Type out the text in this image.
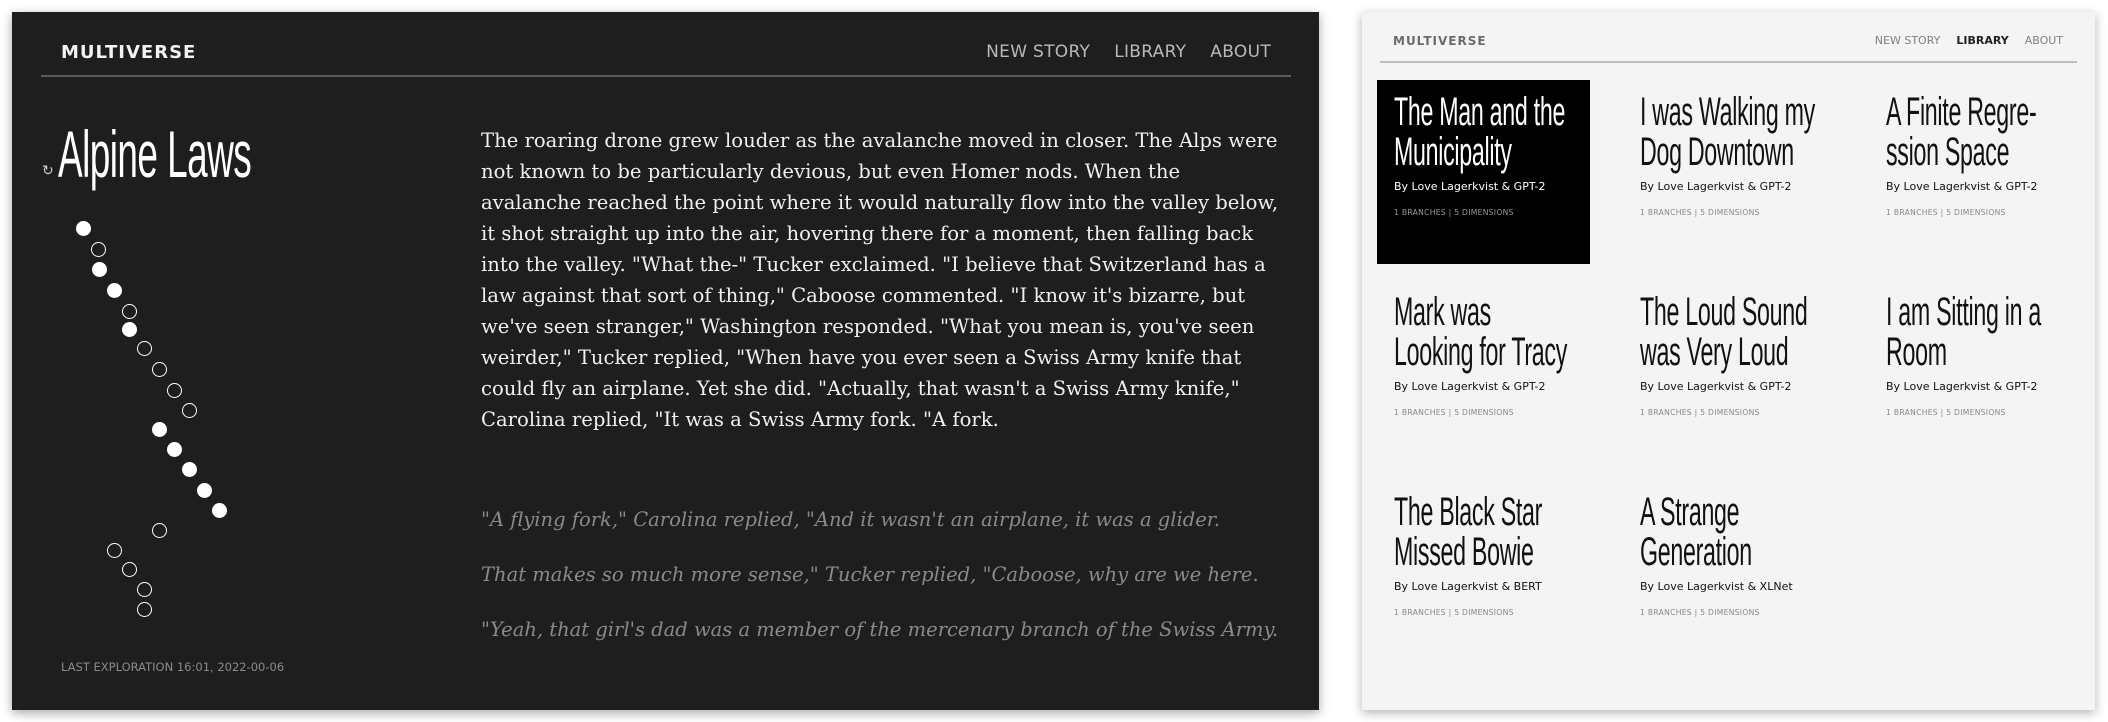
MULTIVERSE	NEW STORY LIBRARY ABOUT
↻ Alpine Laws	The roaring drone grew louder as the avalanche moved in closer. The Alps were not known to be particularly devious, but even Homer nods. When the avalanche reached the point where it would naturally flow into the valley below, it shot straight up into the air, hovering there for a moment, then falling back into the valley. "What the-" Tucker exclaimed. "I believe that Switzerland has a law against that sort of thing," Caboose commented. "I know it's bizarre, but we've seen stranger," Washington responded. "What you mean is, you've seen weirder," Tucker replied, "When have you ever seen a Swiss Army knife that could fly an airplane. Yet she did. "Actually, that wasn't a Swiss Army knife," Carolina replied, "It was a Swiss Army fork. "A fork.

"A flying fork," Carolina replied, "And it wasn't an airplane, it was a glider.

That makes so much more sense," Tucker replied, "Caboose, why are we here.

"Yeah, that girl's dad was a member of the mercenary branch of the Swiss Army.

LAST EXPLORATION 16:01, 2022-00-06
MULTIVERSE	NEW STORY LIBRARY ABOUT

The Man and the Municipality

By Love Lagerkvist & GPT-2
1 BRANCHES | 5 DIMENSIONS

I was Walking my Dog Downtown

By Love Lagerkvist & GPT-2
1 BRANCHES | 5 DIMENSIONS

A Finite Regre-ssion Space

By Love Lagerkvist & GPT-2
1 BRANCHES | 5 DIMENSIONS

Mark was Looking for Tracy

By Love Lagerkvist & GPT-2
1 BRANCHES | 5 DIMENSIONS

The Loud Sound was Very Loud

By Love Lagerkvist & GPT-2
1 BRANCHES | 5 DIMENSIONS

I am Sitting in a Room

By Love Lagerkvist & GPT-2
1 BRANCHES | 5 DIMENSIONS

The Black Star Missed Bowie

By Love Lagerkvist & BERT
1 BRANCHES | 5 DIMENSIONS

A Strange Generation

By Love Lagerkvist & XLNet
1 BRANCHES | 5 DIMENSIONS
